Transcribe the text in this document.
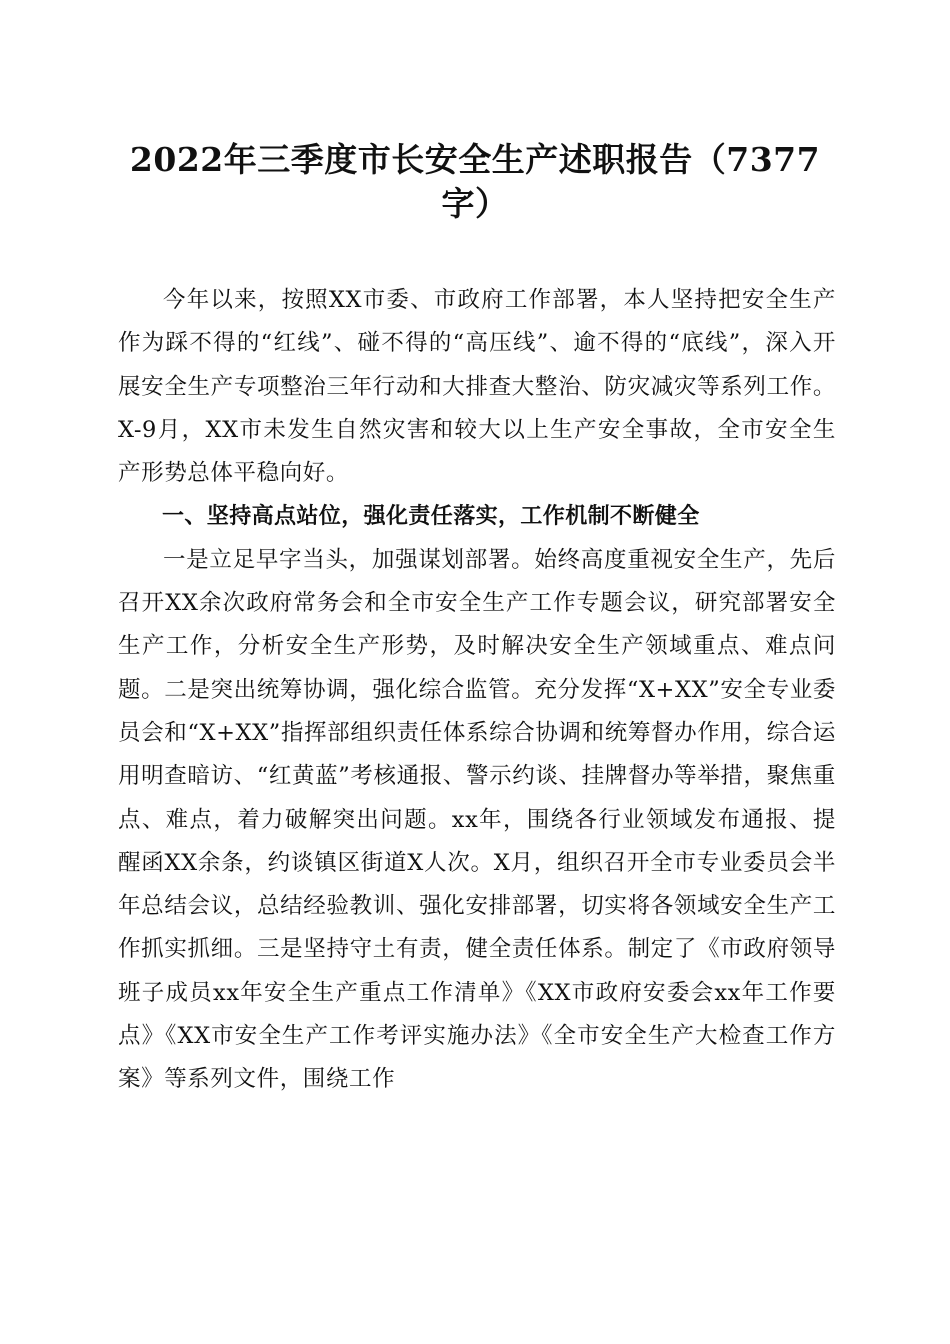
2022年三季度市长安全生产述职报告（7377
字）

今年以来，按照XX市委、市政府工作部署，本人坚持把安全生产作为踩不得的“红线”、碰不得的“高压线”、逾不得的“底线”，深入开展安全生产专项整治三年行动和大排查大整治、防灾减灾等系列工作。X-9月，XX市未发生自然灾害和较大以上生产安全事故，全市安全生产形势总体平稳向好。

一、坚持高点站位，强化责任落实，工作机制不断健全

一是立足早字当头，加强谋划部署。始终高度重视安全生产，先后召开XX余次政府常务会和全市安全生产工作专题会议，研究部署安全生产工作，分析安全生产形势，及时解决安全生产领域重点、难点问题。二是突出统筹协调，强化综合监管。充分发挥“X+XX”安全专业委员会和“X+XX”指挥部组织责任体系综合协调和统筹督办作用，综合运用明查暗访、“红黄蓝”考核通报、警示约谈、挂牌督办等举措，聚焦重点、难点，着力破解突出问题。xx年，围绕各行业领域发布通报、提醒函XX余条，约谈镇区街道X人次。X月，组织召开全市专业委员会半年总结会议，总结经验教训、强化安排部署，切实将各领域安全生产工作抓实抓细。三是坚持守土有责，健全责任体系。制定了《市政府领导班子成员xx年安全生产重点工作清单》《XX市政府安委会xx年工作要点》《XX市安全生产工作考评实施办法》《全市安全生产大检查工作方案》等系列文件，围绕工作
